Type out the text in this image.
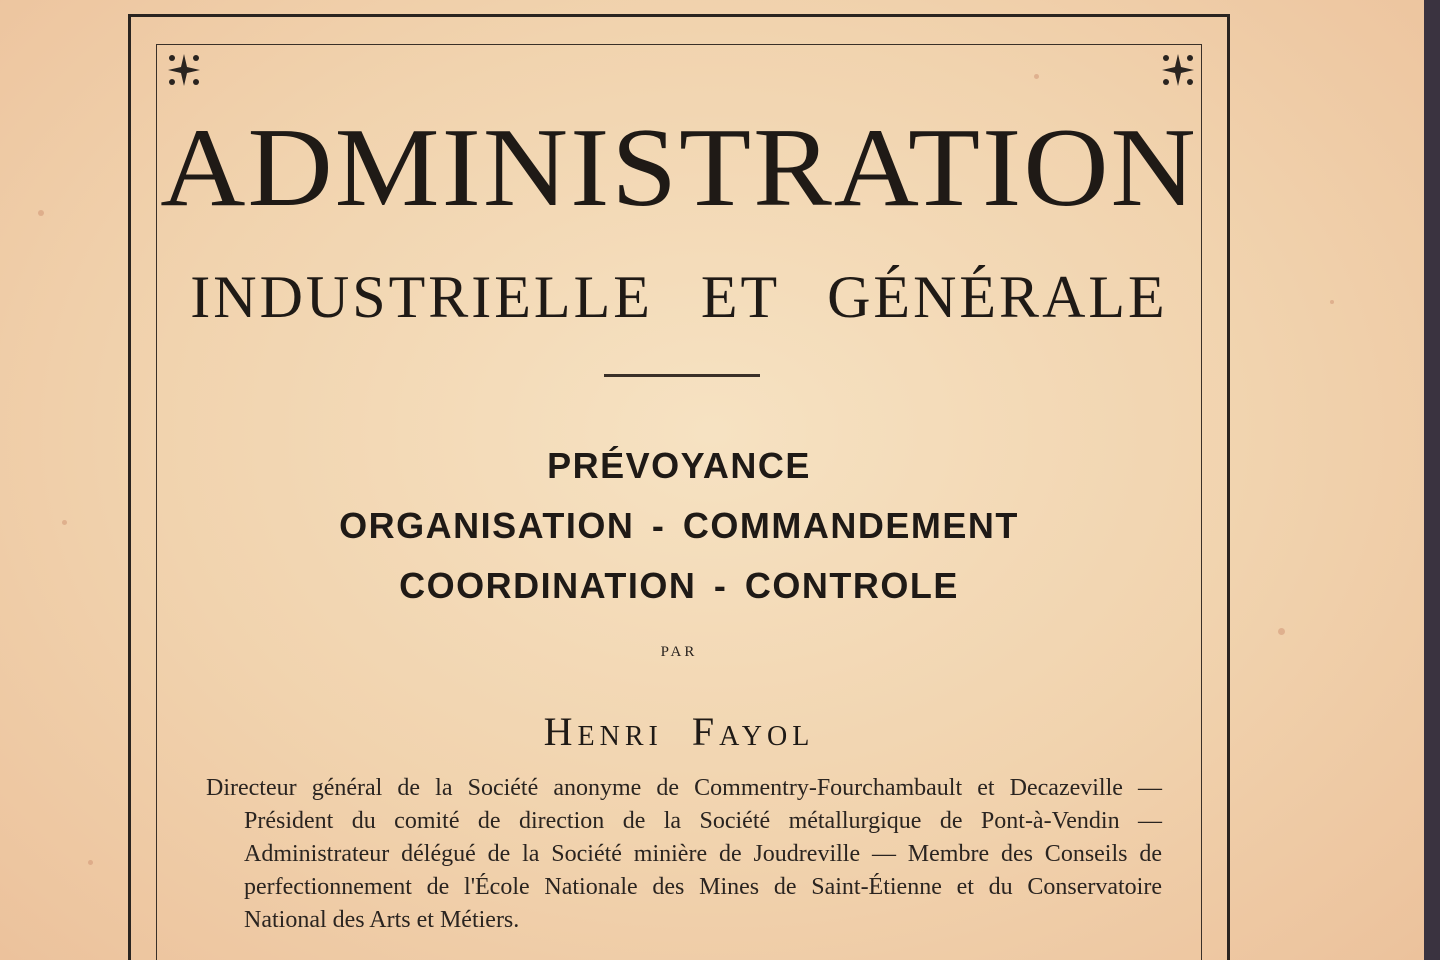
ADMINISTRATION
INDUSTRIELLE ET GÉNÉRALE
PRÉVOYANCE
ORGANISATION - COMMANDEMENT
COORDINATION - CONTROLE
PAR
Henri Fayol
Directeur général de la Société anonyme de Commentry-Fourchambault et Decazeville — Président du comité de direction de la Société métallurgique de Pont-à-Vendin — Administrateur délégué de la Société minière de Joudreville — Membre des Conseils de perfectionnement de l'École Nationale des Mines de Saint-Étienne et du Conservatoire National des Arts et Métiers.
